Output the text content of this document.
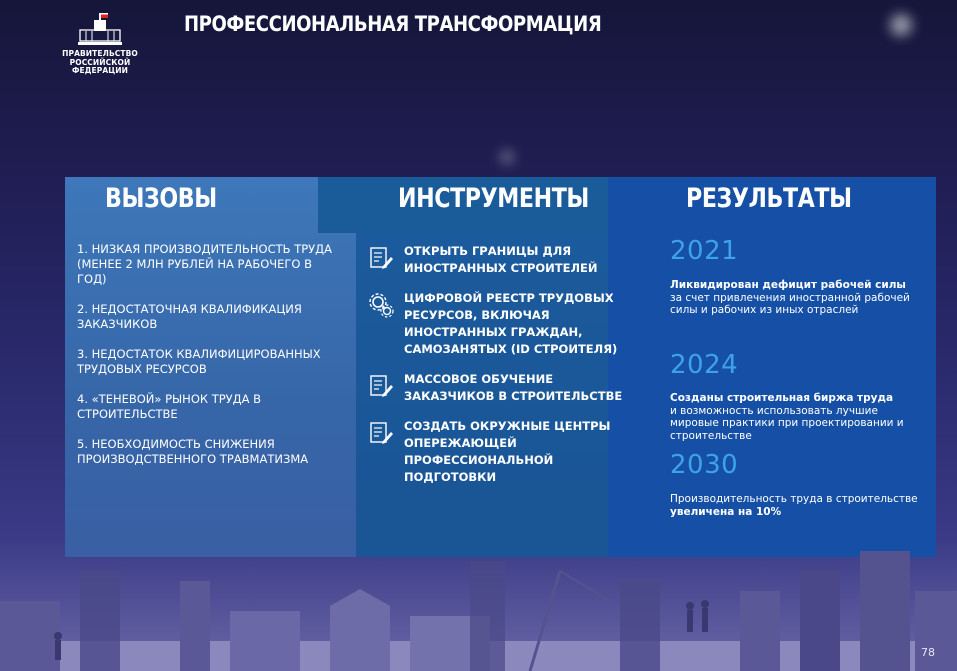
ПРАВИТЕЛЬСТВО
РОССИЙСКОЙ
ФЕДЕРАЦИИ
ПРОФЕССИОНАЛЬНАЯ ТРАНСФОРМАЦИЯ
ВЫЗОВЫ	ИНСТРУМЕНТЫ	РЕЗУЛЬТАТЫ
1. НИЗКАЯ ПРОИЗВОДИТЕЛЬНОСТЬ ТРУДА (МЕНЕЕ 2 МЛН РУБЛЕЙ НА РАБОЧЕГО В ГОД)
2. НЕДОСТАТОЧНАЯ КВАЛИФИКАЦИЯ ЗАКАЗЧИКОВ
3. НЕДОСТАТОК КВАЛИФИЦИРОВАННЫХ ТРУДОВЫХ РЕСУРСОВ
4. «ТЕНЕВОЙ» РЫНОК ТРУДА В СТРОИТЕЛЬСТВЕ
5. НЕОБХОДИМОСТЬ СНИЖЕНИЯ ПРОИЗВОДСТВЕННОГО ТРАВМАТИЗМА
ОТКРЫТЬ ГРАНИЦЫ ДЛЯ ИНОСТРАННЫХ СТРОИТЕЛЕЙ
ЦИФРОВОЙ РЕЕСТР ТРУДОВЫХ РЕСУРСОВ, ВКЛЮЧАЯ ИНОСТРАННЫХ ГРАЖДАН, САМОЗАНЯТЫХ (ID СТРОИТЕЛЯ)
МАССОВОЕ ОБУЧЕНИЕ ЗАКАЗЧИКОВ В СТРОИТЕЛЬСТВЕ
СОЗДАТЬ ОКРУЖНЫЕ ЦЕНТРЫ ОПЕРЕЖАЮЩЕЙ ПРОФЕССИОНАЛЬНОЙ ПОДГОТОВКИ
2021
Ликвидирован дефицит рабочей силы
за счет привлечения иностранной рабочей силы и рабочих из иных отраслей
2024
Созданы строительная биржа труда
и возможность использовать лучшие мировые практики при проектировании и строительстве
2030
Производительность труда в строительстве
увеличена на 10%
78
